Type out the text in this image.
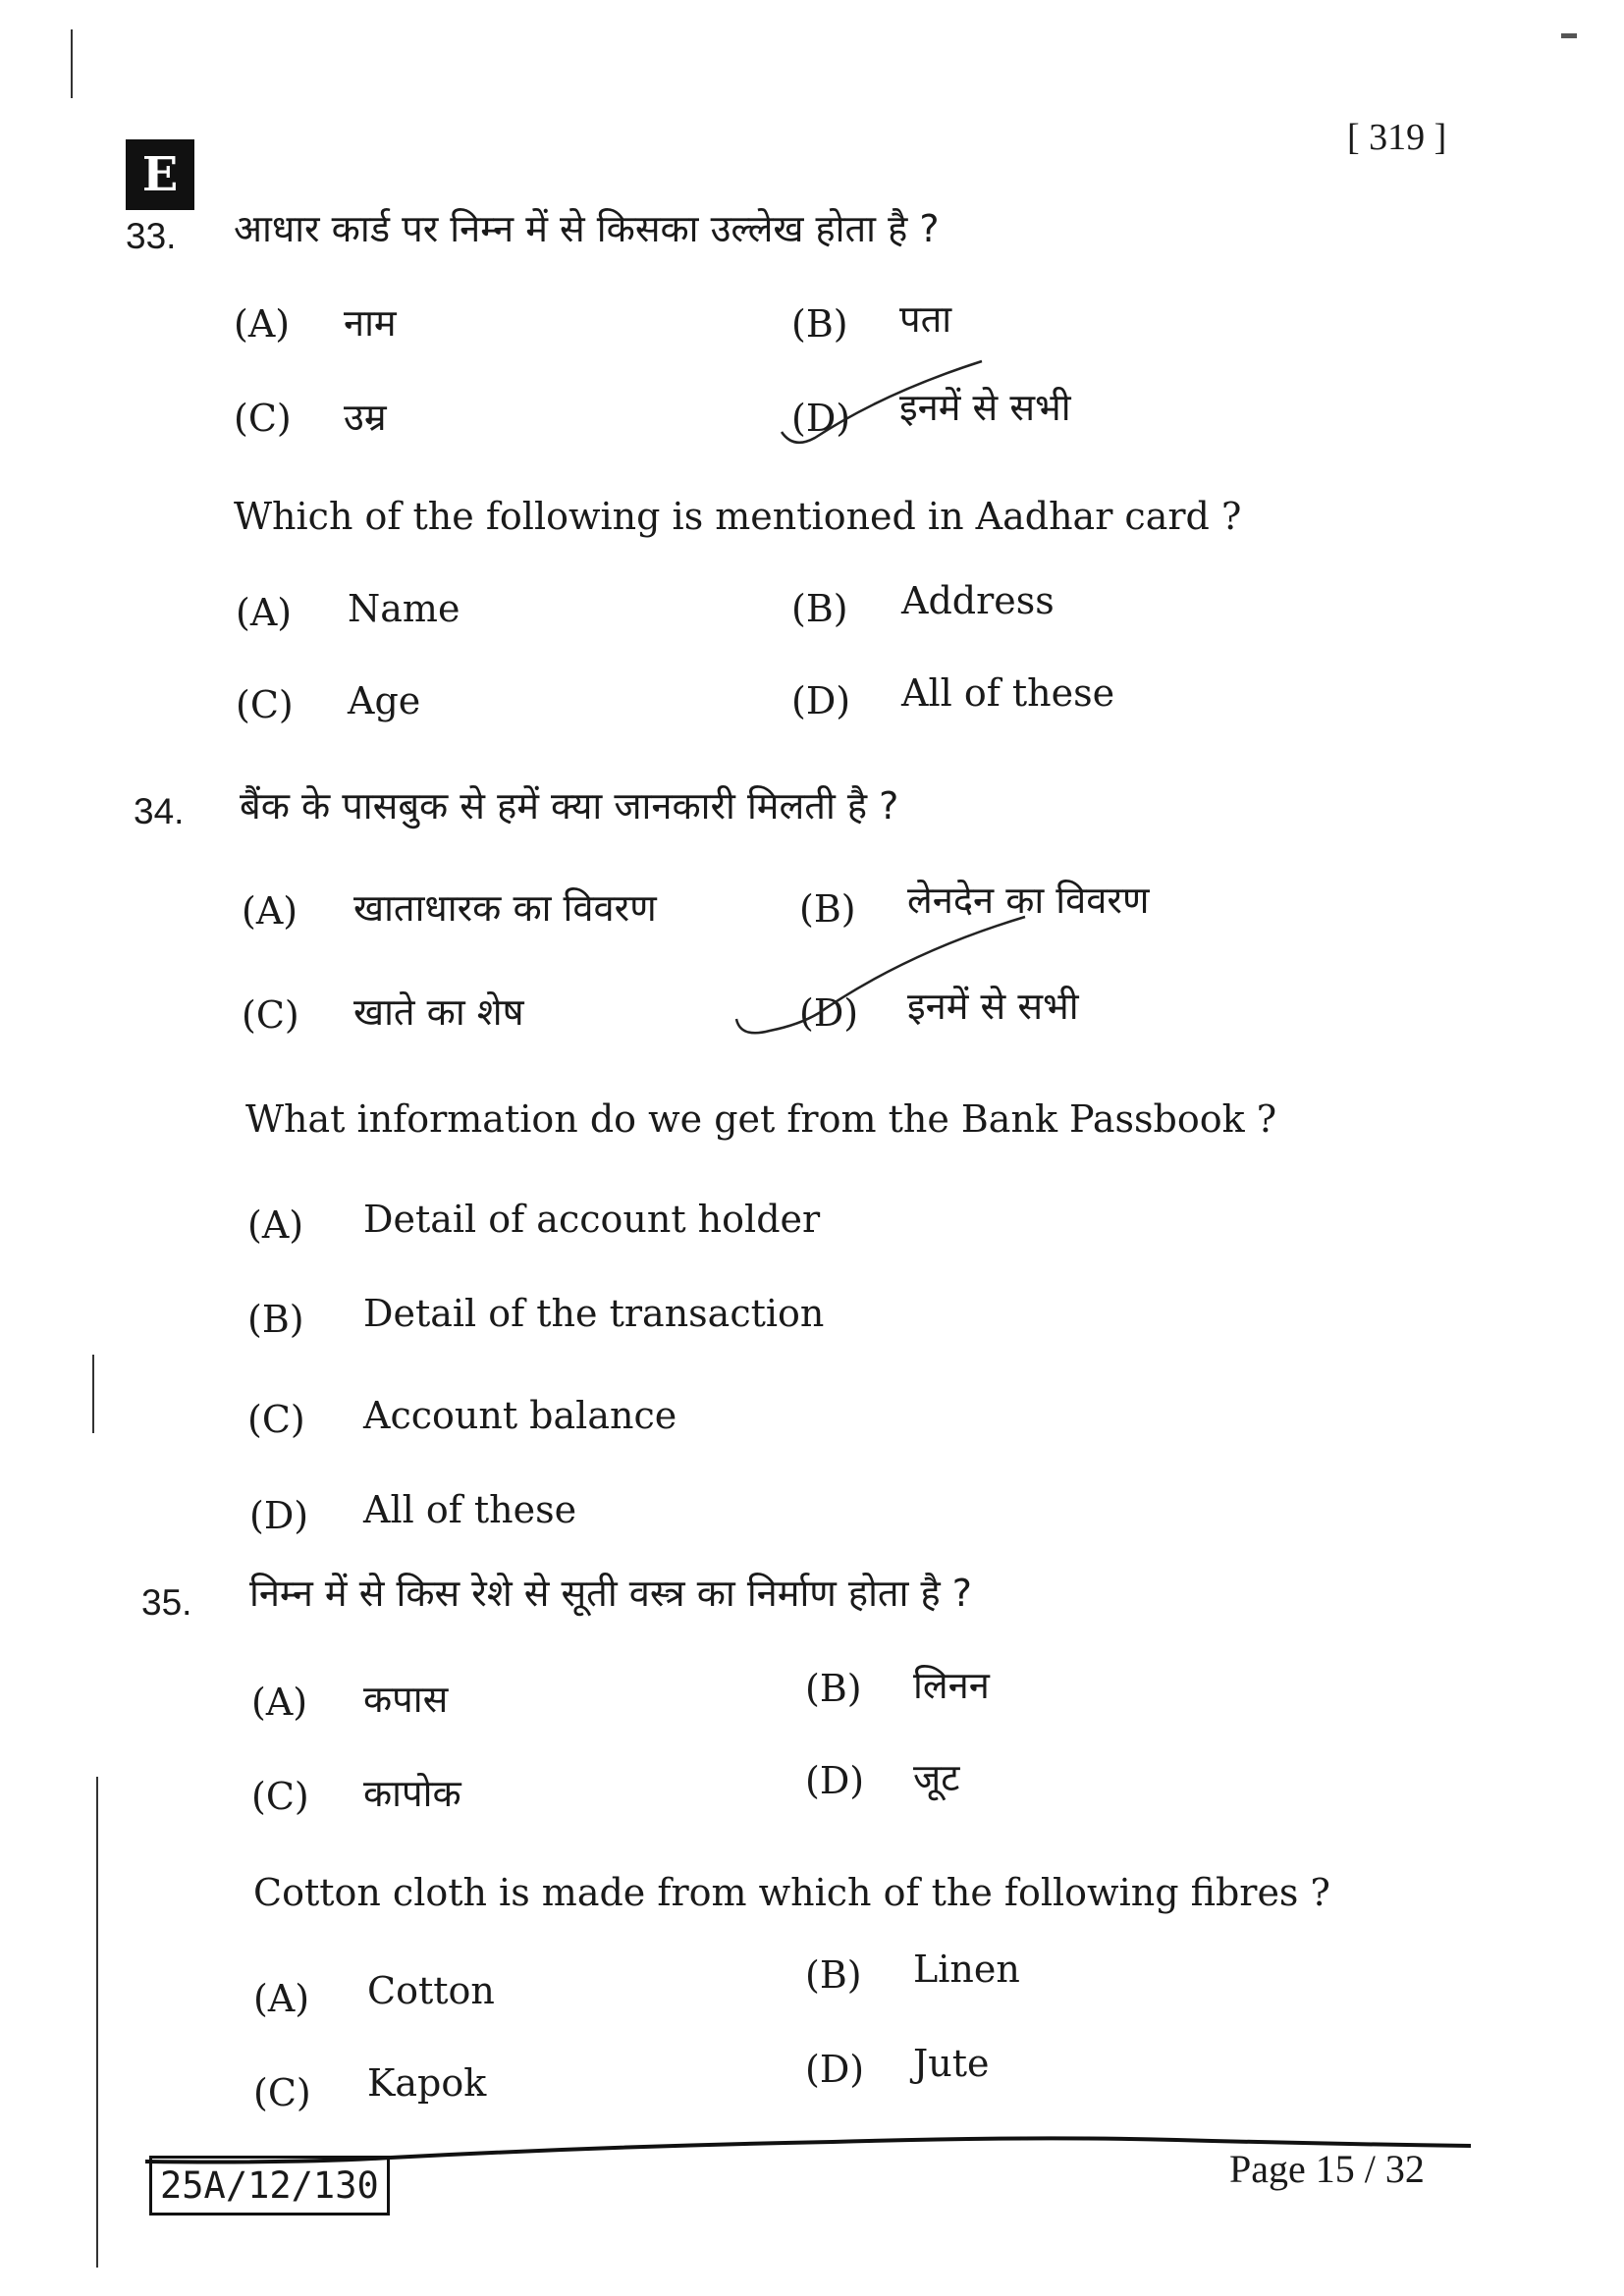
E
[ 319 ]
33. आधार कार्ड पर निम्न में से किसका उल्लेख होता है ?
(A) नाम	(B) पता
(C) उम्र	(D) इनमें से सभी
Which of the following is mentioned in Aadhar card ?
(A) Name	(B) Address
(C) Age	(D) All of these
34. बैंक के पासबुक से हमें क्या जानकारी मिलती है ?
(A) खाताधारक का विवरण	(B) लेनदेन का विवरण
(C) खाते का शेष	(D) इनमें से सभी
What information do we get from the Bank Passbook ?
(A) Detail of account holder
(B) Detail of the transaction
(C) Account balance
(D) All of these
35. निम्न में से किस रेशे से सूती वस्त्र का निर्माण होता है ?
(A) कपास	(B) लिनन
(C) कापोक	(D) जूट
Cotton cloth is made from which of the following fibres ?
(A) Cotton	(B) Linen
(C) Kapok	(D) Jute
25A/12/130	Page 15 / 32
